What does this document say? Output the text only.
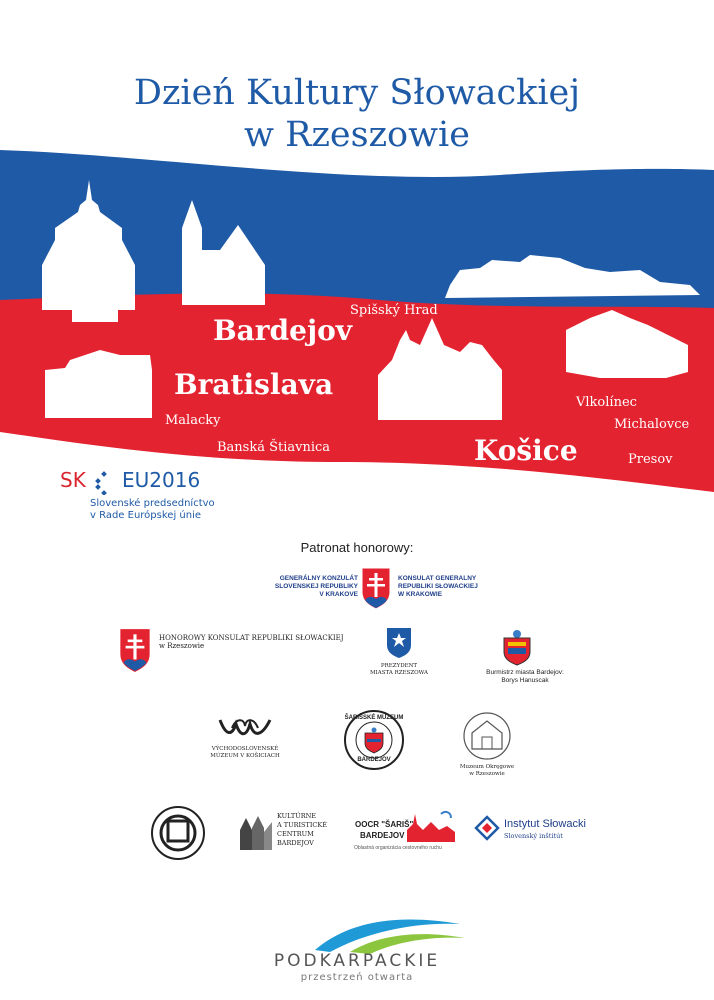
Dzień Kultury Słowackiej
w Rzeszowie
Bardejov
Bratislava
Košice
Spišský Hrad
Malacky
Banská Štiavnica
Vlkolínec
Michalovce
Presov
SK EU2016
Slovenské predsedníctvo
v Rade Európskej únie
Patronat honorowy:
GENERÁLNY KONZULÁT
SLOVENSKEJ REPUBLIKY
V KRAKOVE
KONSULAT GENERALNY
REPUBLIKI SŁOWACKIEJ
W KRAKOWIE
HONOROWY KONSULAT REPUBLIKI SŁOWACKIEJ
w Rzeszowie
PREZYDENT
MIASTA RZESZOWA	Burmistrz miasta Bardejov:
Borys Hanuscak
VÝCHODOSLOVENSKÉ
MÚZEUM V KOŠICIACH
ŠARIŠSKÉ MÚZEUM
BARDEJOV
Muzeum Okręgowe
w Rzeszowie
KULTÚRNE
A TURISTICKÉ
CENTRUM
BARDEJOV
OOCR "ŠARIŠ"
BARDEJOV
Oblastná organizácia cestovného ruchu
Instytut Słowacki
Slovenský inštitút
PODKARPACKIE
przestrzeń otwarta
